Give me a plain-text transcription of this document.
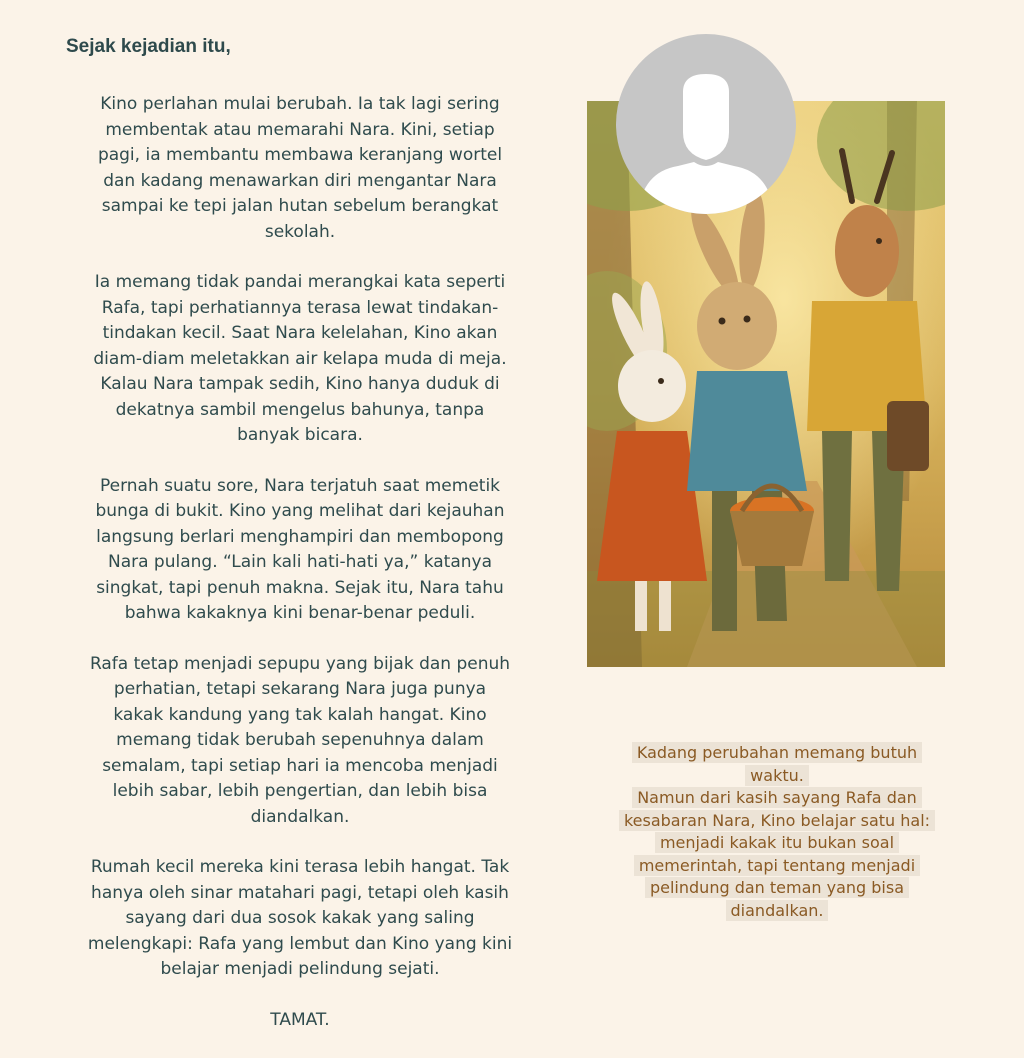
Sejak kejadian itu,

Kino perlahan mulai berubah. Ia tak lagi sering
membentak atau memarahi Nara. Kini, setiap
pagi, ia membantu membawa keranjang wortel
dan kadang menawarkan diri mengantar Nara
sampai ke tepi jalan hutan sebelum berangkat
sekolah.

Ia memang tidak pandai merangkai kata seperti
Rafa, tapi perhatiannya terasa lewat tindakan-
tindakan kecil. Saat Nara kelelahan, Kino akan
diam-diam meletakkan air kelapa muda di meja.
Kalau Nara tampak sedih, Kino hanya duduk di
dekatnya sambil mengelus bahunya, tanpa
banyak bicara.

Pernah suatu sore, Nara terjatuh saat memetik
bunga di bukit. Kino yang melihat dari kejauhan
langsung berlari menghampiri dan membopong
Nara pulang. “Lain kali hati-hati ya,” katanya
singkat, tapi penuh makna. Sejak itu, Nara tahu
bahwa kakaknya kini benar-benar peduli.

Rafa tetap menjadi sepupu yang bijak dan penuh
perhatian, tetapi sekarang Nara juga punya
kakak kandung yang tak kalah hangat. Kino
memang tidak berubah sepenuhnya dalam
semalam, tapi setiap hari ia mencoba menjadi
lebih sabar, lebih pengertian, dan lebih bisa
diandalkan.

Rumah kecil mereka kini terasa lebih hangat. Tak
hanya oleh sinar matahari pagi, tetapi oleh kasih
sayang dari dua sosok kakak yang saling
melengkapi: Rafa yang lembut dan Kino yang kini
belajar menjadi pelindung sejati.

TAMAT.

Kadang perubahan memang butuh
waktu.
Namun dari kasih sayang Rafa dan
kesabaran Nara, Kino belajar satu hal:
menjadi kakak itu bukan soal
memerintah, tapi tentang menjadi
pelindung dan teman yang bisa
diandalkan.
